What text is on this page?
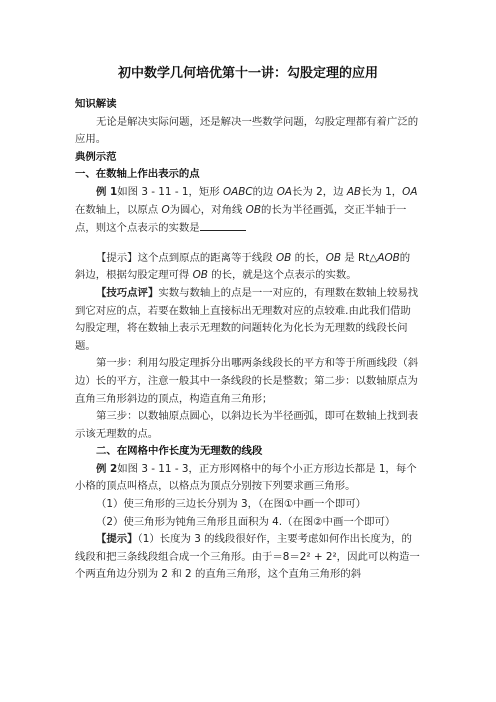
初中数学几何培优第十一讲：勾股定理的应用

知识解读

无论是解决实际问题，还是解决一些数学问题，勾股定理都有着广泛的应用。

典例示范

一、在数轴上作出表示的点

例 1如图 3 - 11 - 1，矩形 OABC的边 OA长为 2，边 AB长为 1，OA在数轴上，以原点 O为圆心，对角线 OB的长为半径画弧，交正半轴于一点，则这个点表示的实数是

【提示】这个点到原点的距离等于线段 OB 的长，OB 是 Rt△AOB的斜边，根据勾股定理可得 OB 的长，就是这个点表示的实数。

【技巧点评】实数与数轴上的点是一一对应的，有理数在数轴上较易找到它对应的点，若要在数轴上直接标出无理数对应的点较难.由此我们借助勾股定理，将在数轴上表示无理数的问题转化为化长为无理数的线段长问题。

第一步：利用勾股定理拆分出哪两条线段长的平方和等于所画线段（斜边）长的平方，注意一般其中一条线段的长是整数；第二步：以数轴原点为直角三角形斜边的顶点，构造直角三角形；

第三步：以数轴原点圆心，以斜边长为半径画弧，即可在数轴上找到表示该无理数的点。

二、在网格中作长度为无理数的线段

例 2如图 3 - 11 - 3，正方形网格中的每个小正方形边长都是 1，每个小格的顶点叫格点，以格点为顶点分别按下列要求画三角形。

（1）使三角形的三边长分别为 3，（在图①中画一个即可）

（2）使三角形为钝角三角形且面积为 4.（在图②中画一个即可）

【提示】（1）长度为 3 的线段很好作，主要考虑如何作出长度为，的线段和把三条线段组合成一个三角形。由于＝8＝2² + 2²，因此可以构造一个两直角边分别为 2 和 2 的直角三角形，这个直角三角形的斜
